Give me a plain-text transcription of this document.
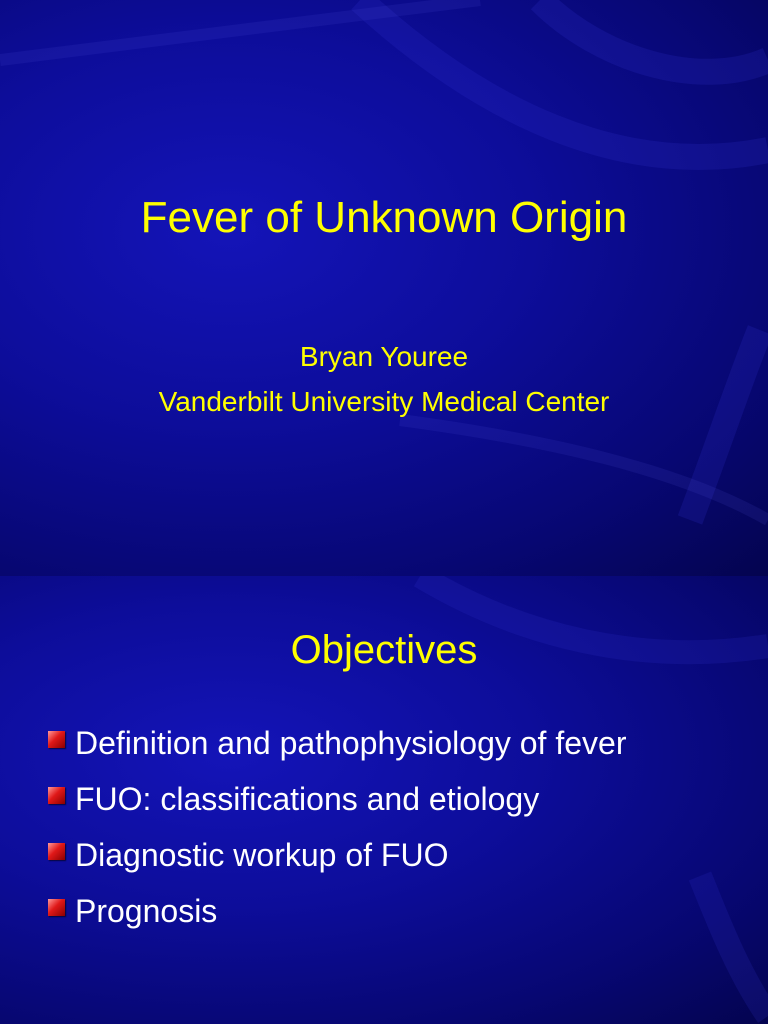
Fever of Unknown Origin
Bryan Youree
Vanderbilt University Medical Center
Objectives
Definition and pathophysiology of fever
FUO: classifications and etiology
Diagnostic workup of FUO
Prognosis
